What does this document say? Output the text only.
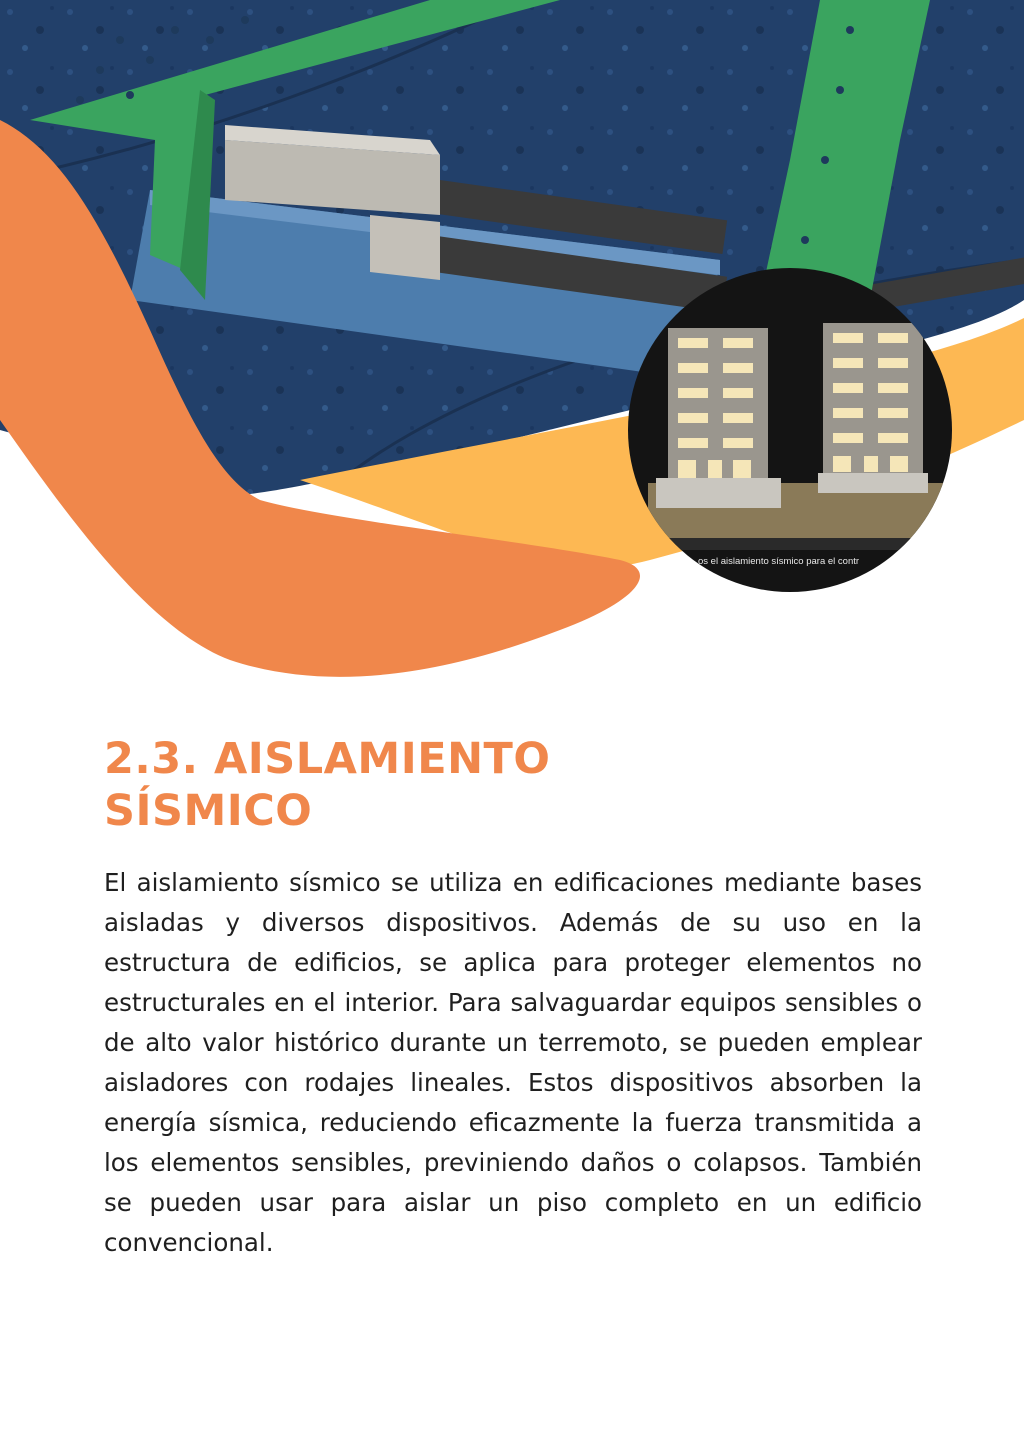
os el aislamiento sísmico para el contr
2.3. AISLAMIENTO
SÍSMICO

El aislamiento sísmico se utiliza en edificaciones mediante bases aisladas y diversos dispositivos. Además de su uso en la estructura de edificios, se aplica para proteger elementos no estructurales en el interior. Para salvaguardar equipos sensibles o de alto valor histórico durante un terremoto, se pueden emplear aisladores con rodajes lineales. Estos dispositivos absorben la energía sísmica, reduciendo eficazmente la fuerza transmitida a los elementos sensibles, previniendo daños o colapsos. También se pueden usar para aislar un piso completo en un edificio convencional.
